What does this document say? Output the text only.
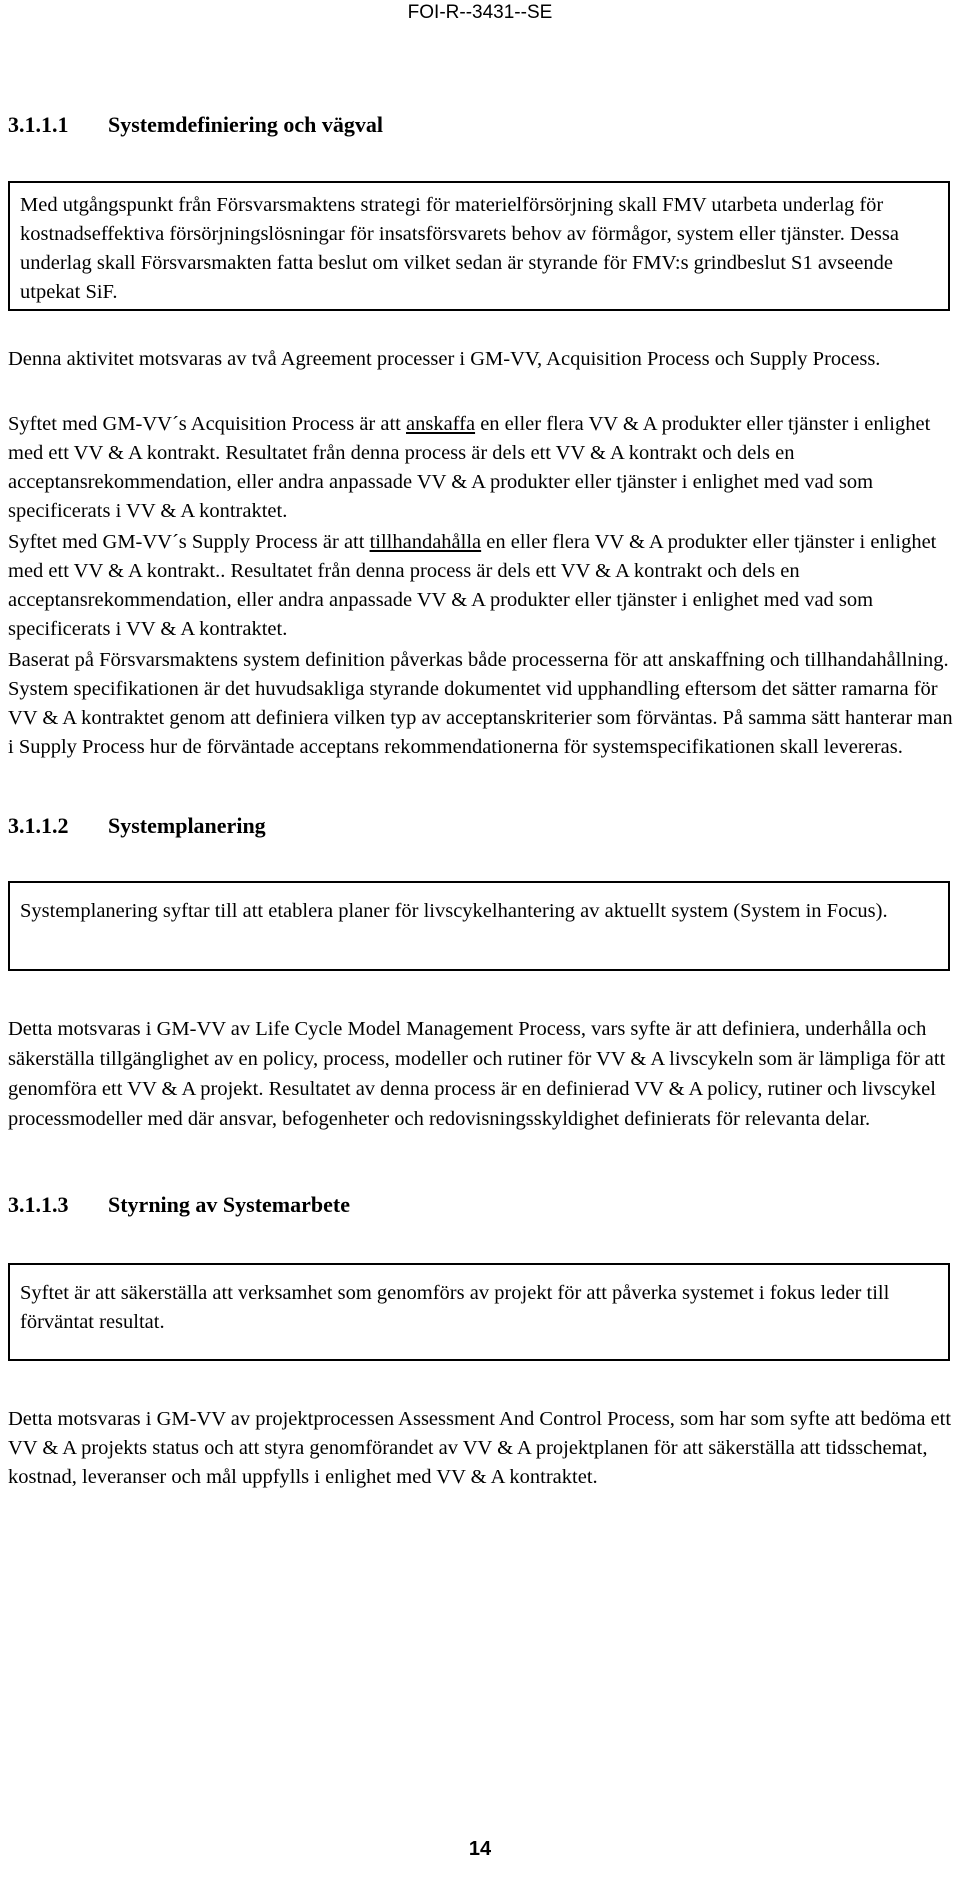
FOI-R--3431--SE
3.1.1.1 Systemdefiniering och vägval

Med utgångspunkt från Försvarsmaktens strategi för materielförsörjning skall FMV utarbeta underlag för kostnadseffektiva försörjningslösningar för insatsförsvarets behov av förmågor, system eller tjänster. Dessa underlag skall Försvarsmakten fatta beslut om vilket sedan är styrande för FMV:s grindbeslut S1 avseende utpekat SiF.

Denna aktivitet motsvaras av två Agreement processer i GM-VV, Acquisition Process och Supply Process.

Syftet med GM-VV´s Acquisition Process är att anskaffa en eller flera VV & A produkter eller tjänster i enlighet med ett VV & A kontrakt. Resultatet från denna process är dels ett VV & A kontrakt och dels en acceptansrekommendation, eller andra anpassade VV & A produkter eller tjänster i enlighet med vad som specificerats i VV & A kontraktet.

Syftet med GM-VV´s Supply Process är att tillhandahålla en eller flera VV & A produkter eller tjänster i enlighet med ett VV & A kontrakt.. Resultatet från denna process är dels ett VV & A kontrakt och dels en acceptansrekommendation, eller andra anpassade VV & A produkter eller tjänster i enlighet med vad som specificerats i VV & A kontraktet.

Baserat på Försvarsmaktens system definition påverkas både processerna för att anskaffning och tillhandahållning. System specifikationen är det huvudsakliga styrande dokumentet vid upphandling eftersom det sätter ramarna för VV & A kontraktet genom att definiera vilken typ av acceptanskriterier som förväntas. På samma sätt hanterar man i Supply Process hur de förväntade acceptans rekommendationerna för systemspecifikationen skall levereras.

3.1.1.2 Systemplanering

Systemplanering syftar till att etablera planer för livscykelhantering av aktuellt system (System in Focus).

Detta motsvaras i GM-VV av Life Cycle Model Management Process, vars syfte är att definiera, underhålla och säkerställa tillgänglighet av en policy, process, modeller och rutiner för VV & A livscykeln som är lämpliga för att genomföra ett VV & A projekt. Resultatet av denna process är en definierad VV & A policy, rutiner och livscykel processmodeller med där ansvar, befogenheter och redovisningsskyldighet definierats för relevanta delar.

3.1.1.3 Styrning av Systemarbete

Syftet är att säkerställa att verksamhet som genomförs av projekt för att påverka systemet i fokus leder till förväntat resultat.

Detta motsvaras i GM-VV av projektprocessen Assessment And Control Process, som har som syfte att bedöma ett VV & A projekts status och att styra genomförandet av VV & A projektplanen för att säkerställa att tidsschemat, kostnad, leveranser och mål uppfylls i enlighet med VV & A kontraktet.

14
